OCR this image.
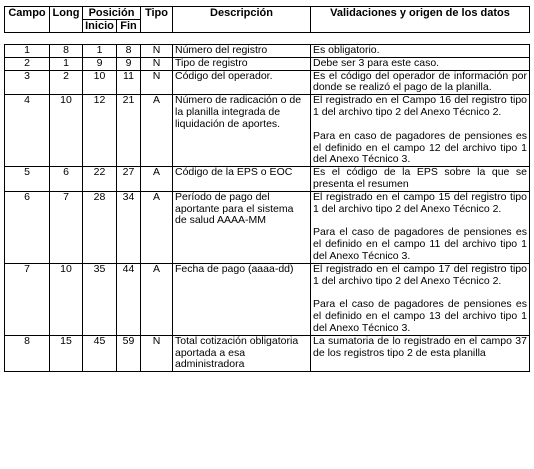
Campo	Long	Posición		Tipo	Descripción	Validaciones y origen de los datos
		Inicio	Fin			
1	8	1	8	N	Número del registro	Es obligatorio.

2	1	9	9	N	Tipo de registro	Debe ser 3 para este caso.

3	2	10	11	N	Código del operador.	Es el código del operador de información por donde se realizó el pago de la planilla.

4	10	12	21	A	Número de radicación o de la planilla integrada de liquidación de aportes.	El registrado en el Campo 16 del registro tipo 1 del archivo tipo 2 del Anexo Técnico 2.
Para en caso de pagadores de pensiones es el definido en el campo 12 del archivo tipo 1 del Anexo Técnico 3.

5	6	22	27	A	Código de la EPS o EOC	Es el código de la EPS sobre la que se presenta el resumen

6	7	28	34	A	Período de pago del aportante para el sistema de salud AAAA-MM	El registrado en el campo 15 del registro tipo 1 del archivo tipo 2 del Anexo Técnico 2.
Para el caso de pagadores de pensiones es el definido en el campo 11 del archivo tipo 1 del Anexo Técnico 3.

7	10	35	44	A	Fecha de pago (aaaa-dd)	El registrado en el campo 17 del registro tipo 1 del archivo tipo 2 del Anexo Técnico 2.
Para el caso de pagadores de pensiones es el definido en el campo 13 del archivo tipo 1 del Anexo Técnico 3.

8	15	45	59	N	Total cotización obligatoria aportada a esa administradora	La sumatoria de lo registrado en el campo 37 de los registros tipo 2 de esta planilla
